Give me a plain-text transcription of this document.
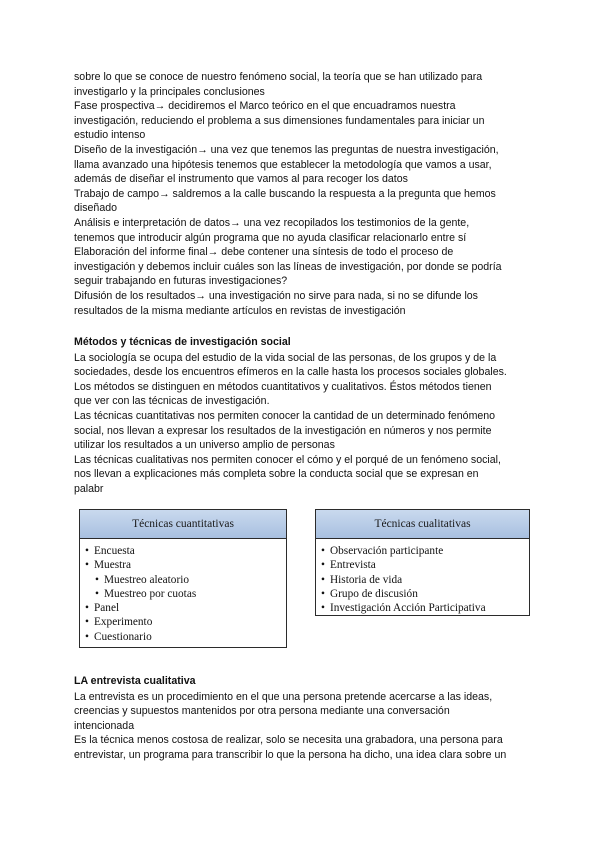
sobre lo que se conoce de nuestro fenómeno social, la teoría que se han utilizado para

investigarlo y la principales conclusiones

Fase prospectiva→ decidiremos el Marco teórico en el que encuadramos nuestra

investigación, reduciendo el problema a sus dimensiones fundamentales para iniciar un

estudio intenso

Diseño de la investigación→ una vez que tenemos las preguntas de nuestra investigación,

llama avanzado una hipótesis tenemos que establecer la metodología que vamos a usar,

además de diseñar el instrumento que vamos al para recoger los datos

Trabajo de campo→ saldremos a la calle buscando la respuesta a la pregunta que hemos

diseñado

Análisis e interpretación de datos→ una vez recopilados los testimonios de la gente,

tenemos que introducir algún programa que no ayuda clasificar relacionarlo entre sí

Elaboración del informe final→ debe contener una síntesis de todo el proceso de

investigación y debemos incluir cuáles son las líneas de investigación, por donde se podría

seguir trabajando en futuras investigaciones?

Difusión de los resultados→ una investigación no sirve para nada, si no se difunde los

resultados de la misma mediante artículos en revistas de investigación

Métodos y técnicas de investigación social

La sociología se ocupa del estudio de la vida social de las personas, de los grupos y de la

sociedades, desde los encuentros efímeros en la calle hasta los procesos sociales globales.

Los métodos se distinguen en métodos cuantitativos y cualitativos. Éstos métodos tienen

que ver con las técnicas de investigación.

Las técnicas cuantitativas nos permiten conocer la cantidad de un determinado fenómeno

social, nos llevan a expresar los resultados de la investigación en números y nos permite

utilizar los resultados a un universo amplio de personas

Las técnicas cualitativas nos permiten conocer el cómo y el porqué de un fenómeno social,

nos llevan a explicaciones más completa sobre la conducta social que se expresan en

palabr

Técnicas cuantitativas
• Encuesta
• Muestra
• Muestreo aleatorio
• Muestreo por cuotas
• Panel
• Experimento
• Cuestionario
Técnicas cualitativas
• Observación participante
• Entrevista
• Historia de vida
• Grupo de discusión
• Investigación Acción Participativa

LA entrevista cualitativa

La entrevista es un procedimiento en el que una persona pretende acercarse a las ideas,

creencias y supuestos mantenidos por otra persona mediante una conversación

intencionada

Es la técnica menos costosa de realizar, solo se necesita una grabadora, una persona para

entrevistar, un programa para transcribir lo que la persona ha dicho, una idea clara sobre un
